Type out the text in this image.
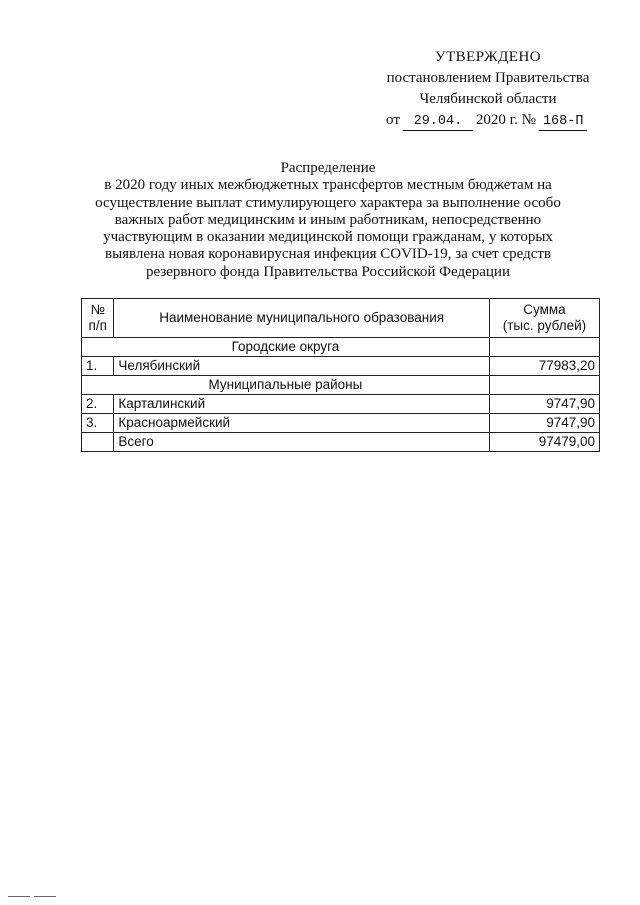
УТВЕРЖДЕНО
постановлением Правительства
Челябинской области
от	29.04. 2020 г. № 168-П

Распределение

в 2020 году иных межбюджетных трансфертов местным бюджетам на

осуществление выплат стимулирующего характера за выполнение особо

важных работ медицинским и иным работникам, непосредственно

участвующим в оказании медицинской помощи гражданам, у которых

выявлена новая коронавирусная инфекция COVID-19, за счет средств

резервного фонда Правительства Российской Федерации

№
п/п	Наименование муниципального образования	Сумма
(тыс. рублей)
Городские округа		
1.	Челябинский	77983,20
Муниципальные районы		
2.	Карталинский	9747,90
3.	Красноармейский	9747,90
	Всего	97479,00
